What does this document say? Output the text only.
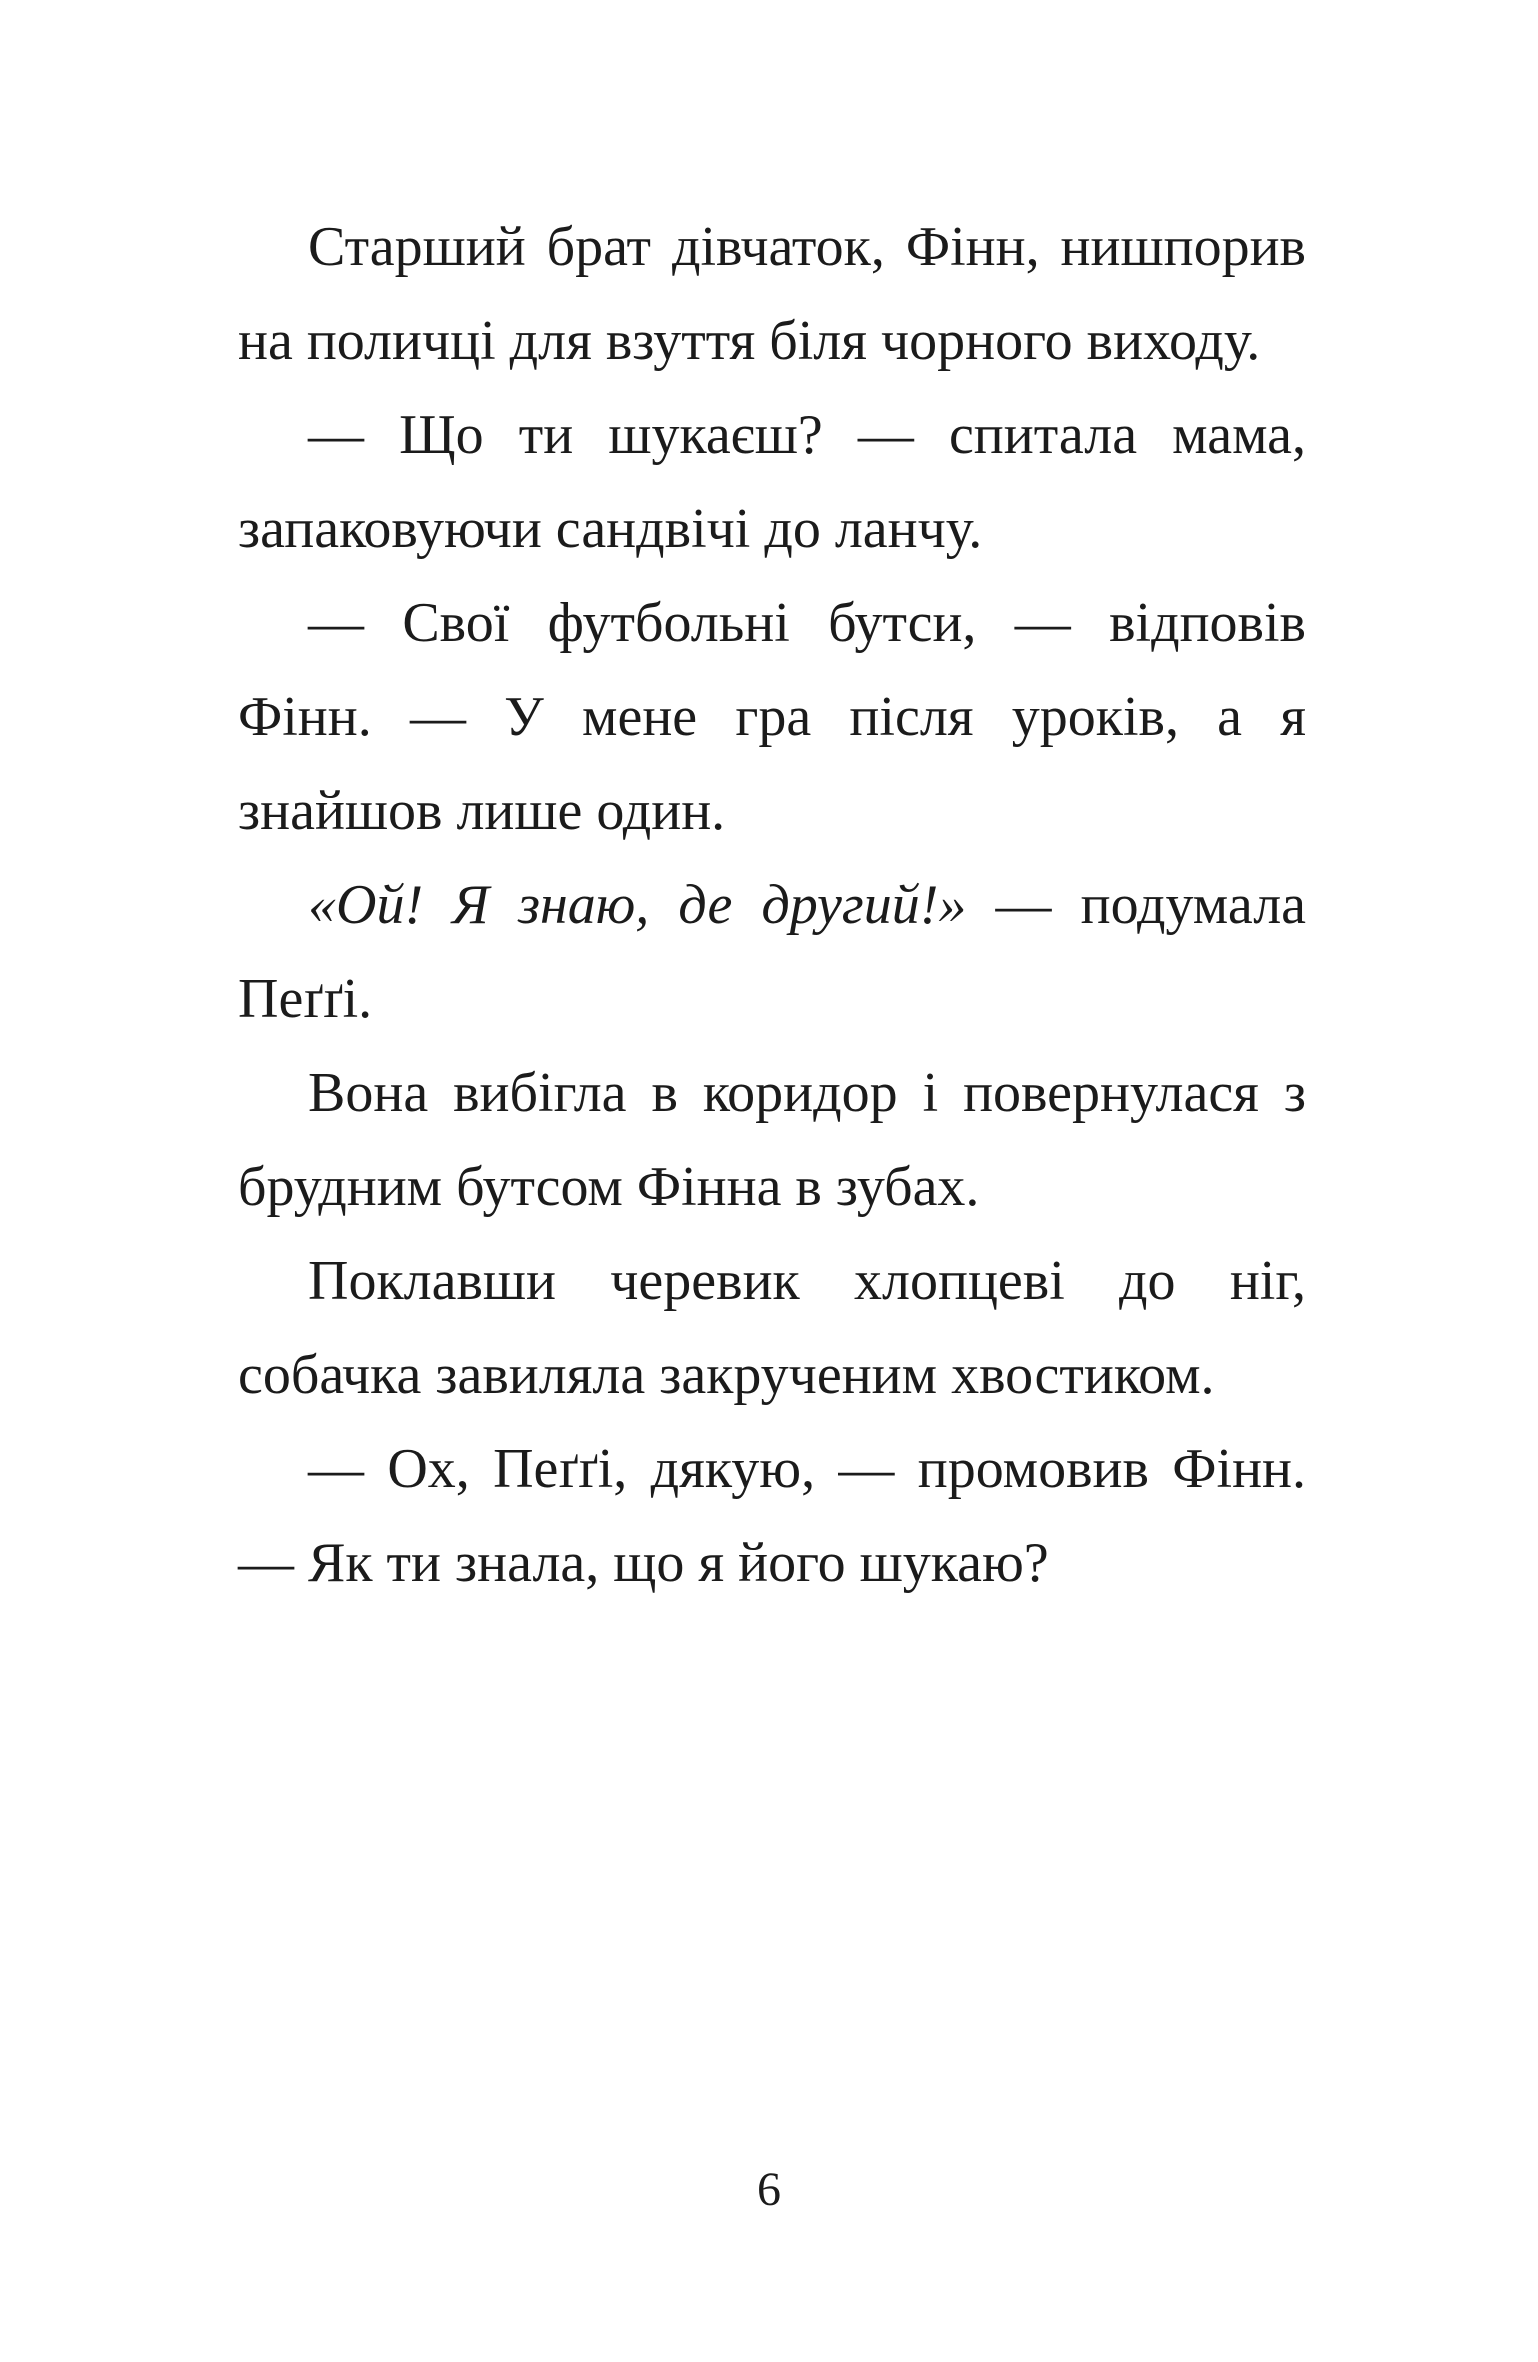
Старший брат дівчаток, Фінн, нишпорив на поличці для взуття біля чорного виходу.

— Що ти шукаєш? — спитала мама, запаковуючи сандвічі до ланчу.

— Свої футбольні бутси, — відповів Фінн. — У мене гра після уроків, а я знайшов лише один.

«Ой! Я знаю, де другий!» — подумала Пеґґі.

Вона вибігла в коридор і повернулася з брудним бутсом Фінна в зубах.

Поклавши черевик хлопцеві до ніг, собачка завиляла закрученим хвостиком.

— Ох, Пеґґі, дякую, — промовив Фінн. — Як ти знала, що я його шукаю?

6
